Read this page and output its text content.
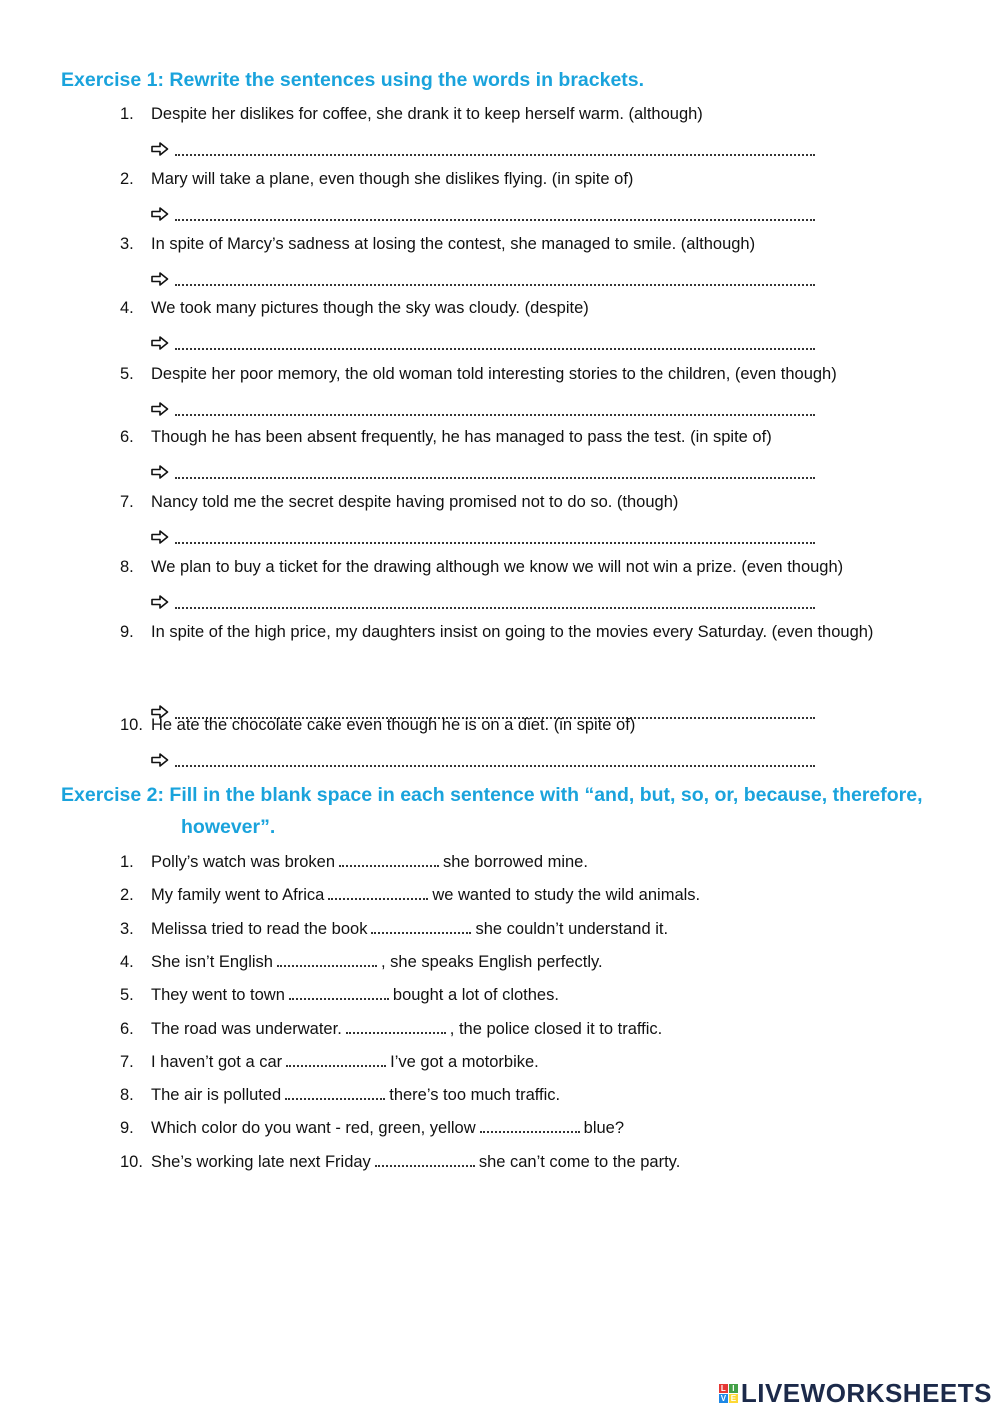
Exercise 1: Rewrite the sentences using the words in brackets.
1.	Despite her dislikes for coffee, she drank it to keep herself warm. (although)
2.	Mary will take a plane, even though she dislikes flying. (in spite of)
3.	In spite of Marcy’s sadness at losing the contest, she managed to smile. (although)
4.	We took many pictures though the sky was cloudy. (despite)
5.	Despite her poor memory, the old woman told interesting stories to the children, (even though)
6.	Though he has been absent frequently, he has managed to pass the test. (in spite of)
7.	Nancy told me the secret despite having promised not to do so. (though)
8.	We plan to buy a ticket for the drawing although we know we will not win a prize. (even though)
9.	In spite of the high price, my daughters insist on going to the movies every Saturday. (even though)
10. He ate the chocolate cake even though he is on a diet. (in spite of)
Exercise 2: Fill in the blank space in each sentence with “and, but, so, or, because, therefore,
however”.
1.	Polly’s watch was broken	she borrowed mine.
2.	My family went to Africa	we wanted to study the wild animals.
3.	Melissa tried to read the book	she couldn’t understand it.
4.	She isn’t English	, she speaks English perfectly.
5.	They went to town	bought a lot of clothes.
6.	The road was underwater.	, the police closed it to traffic.
7.	I haven’t got a car	I’ve got a motorbike.
8.	The air is polluted	there’s too much traffic.
9.	Which color do you want - red, green, yellow	blue?
10. She’s working late next Friday	she can’t come to the party.
L I
V E LIVEWORKSHEETS
